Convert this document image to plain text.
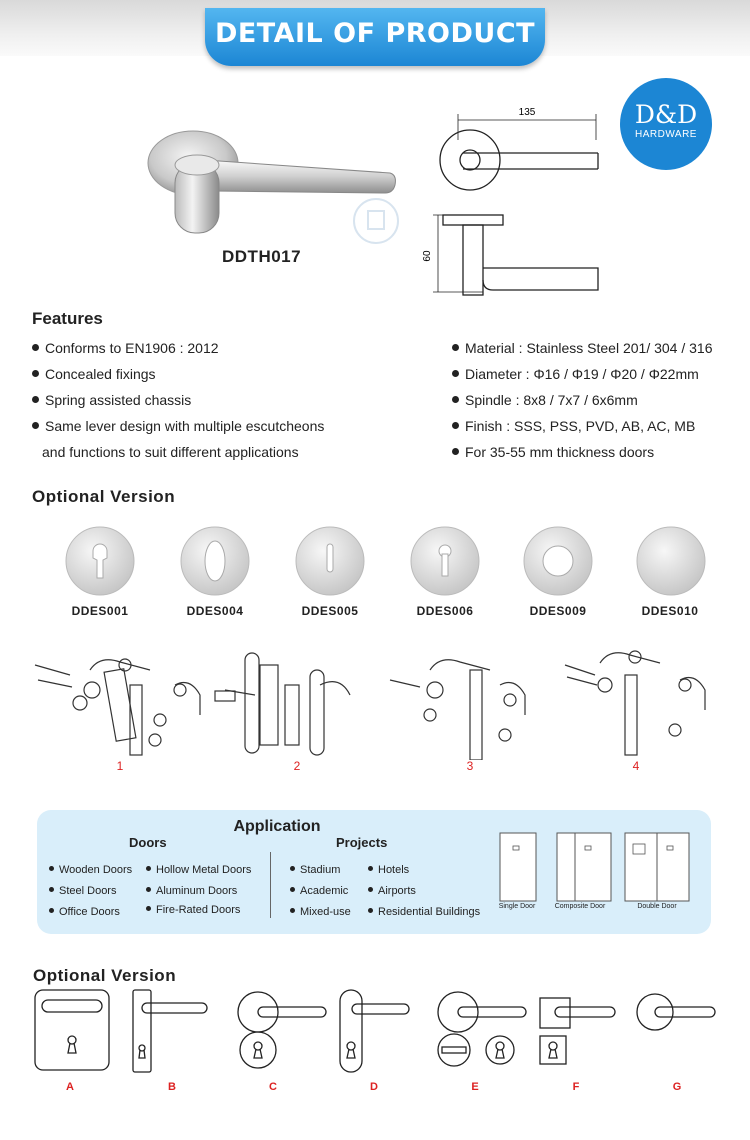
DETAIL OF PRODUCT
D&D
HARDWARE
DDTH017
135
60
Features
Conforms to EN1906 : 2012
Concealed fixings
Spring assisted chassis
Same lever design with multiple escutcheons
and functions to suit different applications
Material : Stainless Steel 201/ 304 / 316
Diameter : Φ16 / Φ19 / Φ20 / Φ22mm
Spindle : 8x8 / 7x7 / 6x6mm
Finish : SSS, PSS, PVD, AB, AC, MB
For 35-55 mm thickness doors
Optional Version
DDES001	DDES004	DDES005	DDES006	DDES009	DDES010
1	2	3	4
Application
Doors	Projects
Wooden Doors	Hollow Metal Doors
Steel Doors	Aluminum Doors
Office Doors	Fire-Rated Doors
Stadium	Hotels
Academic	Airports
Mixed-use	Residential Buildings	Single Door	Composite Door	Double Door
Optional Version
A	B	C	D	E	F	G
